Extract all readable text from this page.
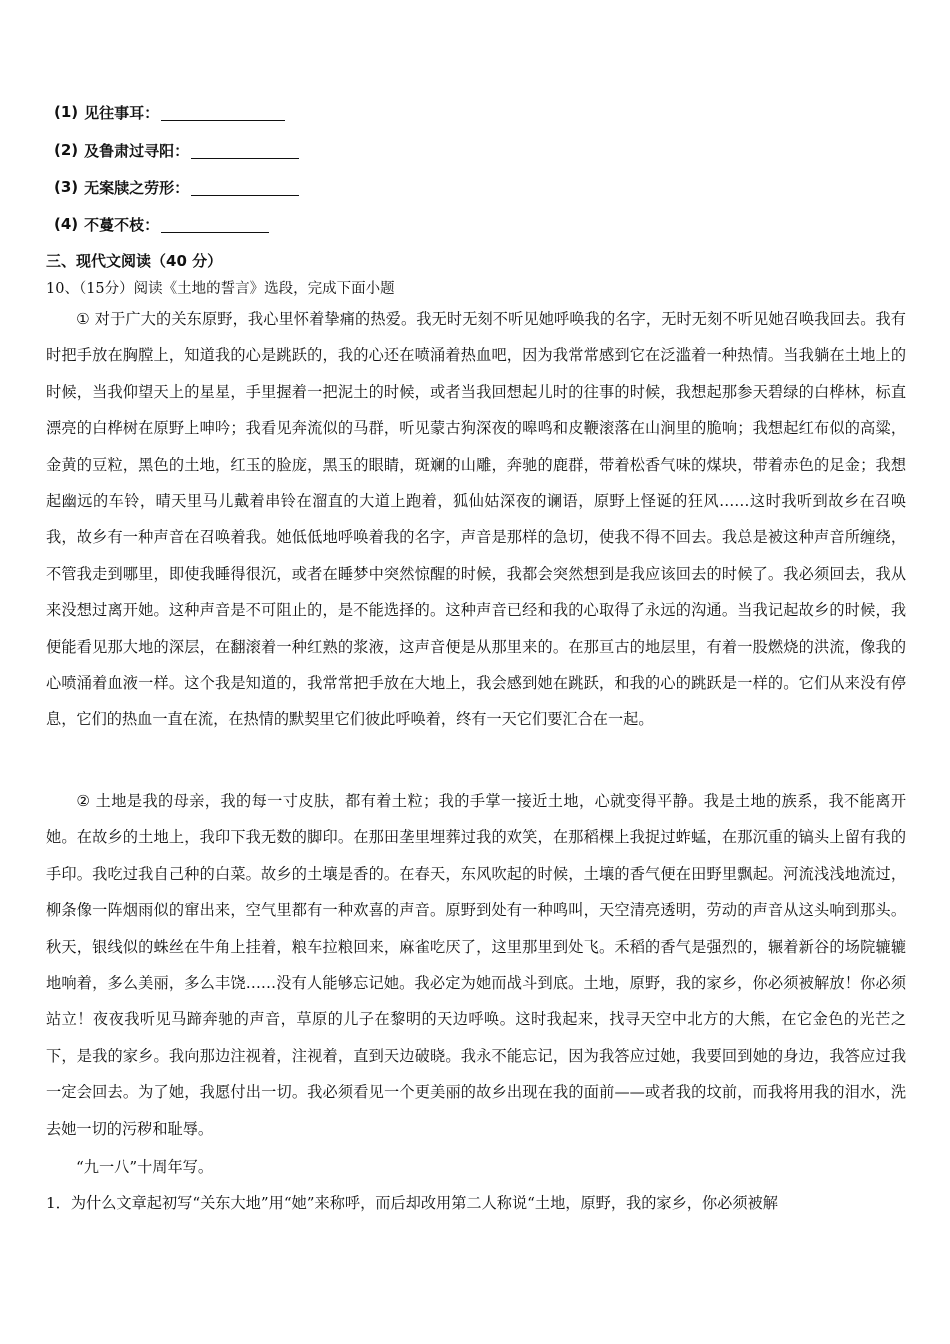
(1) 见往事耳：
(2) 及鲁肃过寻阳：
(3) 无案牍之劳形：
(4) 不蔓不枝：
三、现代文阅读（40 分）
10、（15分）阅读《土地的誓言》选段，完成下面小题

① 对于广大的关东原野，我心里怀着挚痛的热爱。我无时无刻不听见她呼唤我的名字，无时无刻不听见她召唤我回去。我有时把手放在胸膛上，知道我的心是跳跃的，我的心还在喷涌着热血吧，因为我常常感到它在泛滥着一种热情。当我躺在土地上的时候，当我仰望天上的星星，手里握着一把泥土的时候，或者当我回想起儿时的往事的时候，我想起那参天碧绿的白桦林，标直漂亮的白桦树在原野上呻吟；我看见奔流似的马群，听见蒙古狗深夜的嗥鸣和皮鞭滚落在山涧里的脆响；我想起红布似的高粱，金黄的豆粒，黑色的土地，红玉的脸庞，黑玉的眼睛，斑斓的山雕，奔驰的鹿群，带着松香气味的煤块，带着赤色的足金；我想起幽远的车铃，晴天里马儿戴着串铃在溜直的大道上跑着，狐仙姑深夜的谰语，原野上怪诞的狂风……这时我听到故乡在召唤我，故乡有一种声音在召唤着我。她低低地呼唤着我的名字，声音是那样的急切，使我不得不回去。我总是被这种声音所缠绕，不管我走到哪里，即使我睡得很沉，或者在睡梦中突然惊醒的时候，我都会突然想到是我应该回去的时候了。我必须回去，我从来没想过离开她。这种声音是不可阻止的，是不能选择的。这种声音已经和我的心取得了永远的沟通。当我记起故乡的时候，我便能看见那大地的深层，在翻滚着一种红熟的浆液，这声音便是从那里来的。在那亘古的地层里，有着一股燃烧的洪流，像我的心喷涌着血液一样。这个我是知道的，我常常把手放在大地上，我会感到她在跳跃，和我的心的跳跃是一样的。它们从来没有停息，它们的热血一直在流，在热情的默契里它们彼此呼唤着，终有一天它们要汇合在一起。

② 土地是我的母亲，我的每一寸皮肤，都有着土粒；我的手掌一接近土地，心就变得平静。我是土地的族系，我不能离开她。在故乡的土地上，我印下我无数的脚印。在那田垄里埋葬过我的欢笑，在那稻棵上我捉过蚱蜢，在那沉重的镐头上留有我的手印。我吃过我自己种的白菜。故乡的土壤是香的。在春天，东风吹起的时候，土壤的香气便在田野里飘起。河流浅浅地流过，柳条像一阵烟雨似的窜出来，空气里都有一种欢喜的声音。原野到处有一种鸣叫，天空清亮透明，劳动的声音从这头响到那头。秋天，银线似的蛛丝在牛角上挂着，粮车拉粮回来，麻雀吃厌了，这里那里到处飞。禾稻的香气是强烈的，辗着新谷的场院辘辘地响着，多么美丽，多么丰饶……没有人能够忘记她。我必定为她而战斗到底。土地，原野，我的家乡，你必须被解放！你必须站立！夜夜我听见马蹄奔驰的声音，草原的儿子在黎明的天边呼唤。这时我起来，找寻天空中北方的大熊，在它金色的光芒之下，是我的家乡。我向那边注视着，注视着，直到天边破晓。我永不能忘记，因为我答应过她，我要回到她的身边，我答应过我一定会回去。为了她，我愿付出一切。我必须看见一个更美丽的故乡出现在我的面前——或者我的坟前，而我将用我的泪水，洗去她一切的污秽和耻辱。

“九一八”十周年写。
1．为什么文章起初写“关东大地”用“她”来称呼，而后却改用第二人称说“土地，原野，我的家乡，你必须被解
